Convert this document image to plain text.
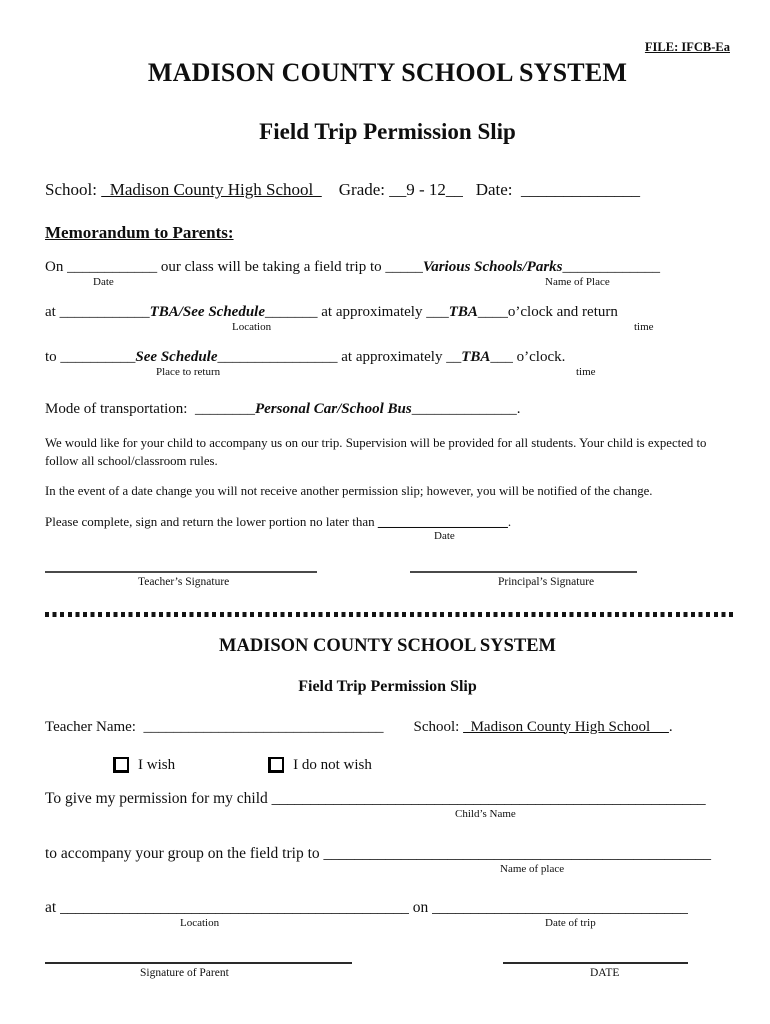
FILE: IFCB-Ea
MADISON COUNTY SCHOOL SYSTEM
Field Trip Permission Slip
School:   Madison County High School      Grade: __9 - 12__ Date: ______________
Memorandum to Parents:
On ____________ our class will be taking a field trip to _____Various Schools/Parks_____________
Date	Name of Place
at ____________TBA/See Schedule_______ at approximately ___TBA____o’clock and return
Location	time
to __________See Schedule________________ at approximately __TBA___ o’clock.
Place to return	time
Mode of transportation:  ________Personal Car/School Bus______________.

We would like for your child to accompany us on our trip. Supervision will be provided for all students. Your child is expected to follow all school/classroom rules.

In the event of a date change you will not receive another permission slip; however, you will be notified of the change.

Please complete, sign and return the lower portion no later than ____________________.
Date
Teacher’s Signature	Principal’s Signature
MADISON COUNTY SCHOOL SYSTEM
Field Trip Permission Slip
Teacher Name:  ________________________________ School:   Madison County High School     .
I wish	I do not wish
To give my permission for my child ________________________________________________________
Child’s Name
to accompany your group on the field trip to __________________________________________________
Name of place
at _____________________________________________ on _________________________________
Location	Date of trip
Signature of Parent	DATE
